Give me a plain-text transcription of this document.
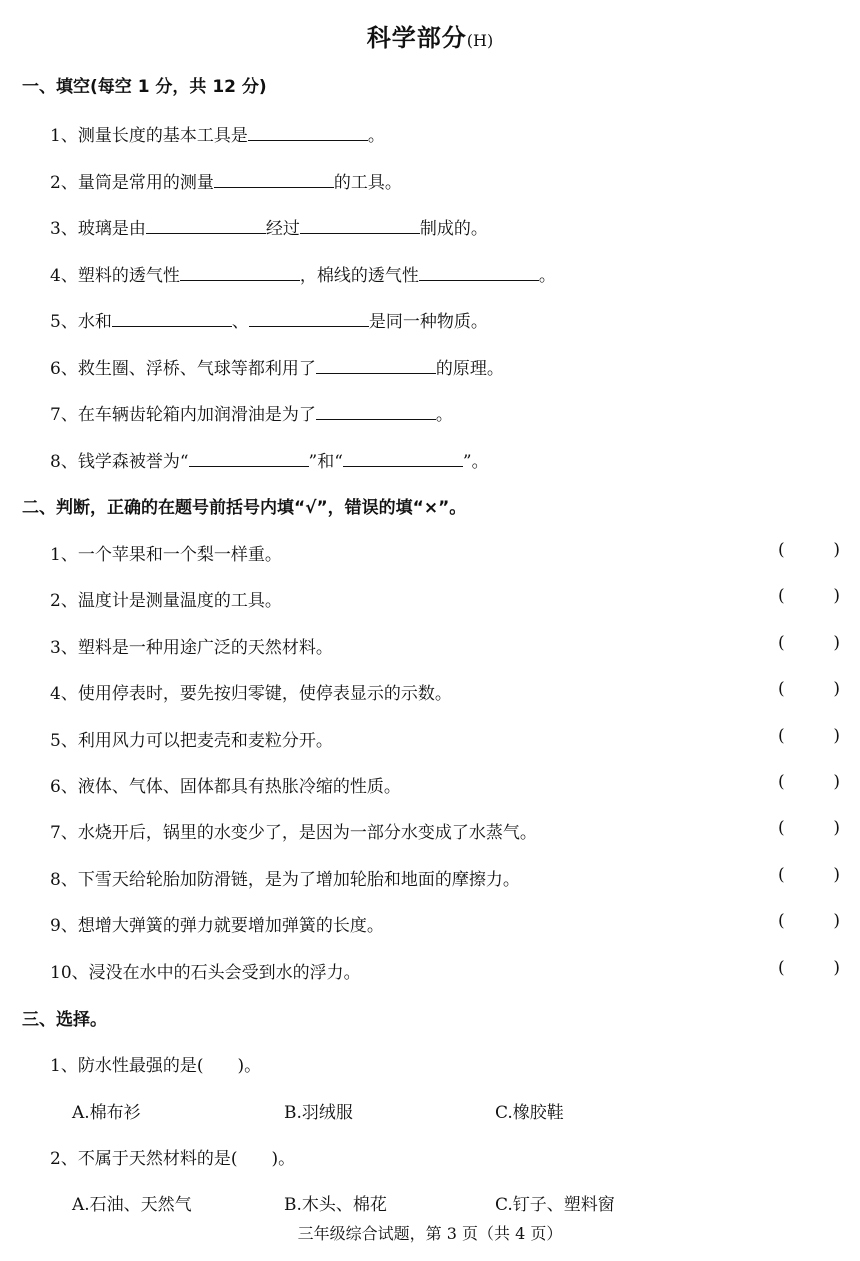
科学部分(H)
一、填空(每空 1 分，共 12 分)
1、测量长度的基本工具是	。
2、量筒是常用的测量	的工具。
3、玻璃是由	经过	制成的。
4、塑料的透气性	，棉线的透气性	。
5、水和	、	是同一种物质。
6、救生圈、浮桥、气球等都利用了	的原理。
7、在车辆齿轮箱内加润滑油是为了	。
8、钱学森被誉为“	”和“	”。
二、判断，正确的在题号前括号内填“√”，错误的填“×”。
1、一个苹果和一个梨一样重。	(	)
2、温度计是测量温度的工具。	(	)
3、塑料是一种用途广泛的天然材料。	(	)
4、使用停表时，要先按归零键，使停表显示的示数。	(	)
5、利用风力可以把麦壳和麦粒分开。	(	)
6、液体、气体、固体都具有热胀冷缩的性质。	(	)
7、水烧开后，锅里的水变少了，是因为一部分水变成了水蒸气。	(	)
8、下雪天给轮胎加防滑链，是为了增加轮胎和地面的摩擦力。	(	)
9、想增大弹簧的弹力就要增加弹簧的长度。	(	)
10、浸没在水中的石头会受到水的浮力。	(	)
三、选择。
1、防水性最强的是(　　)。
A.棉布衫	B.羽绒服	C.橡胶鞋
2、不属于天然材料的是(　　)。
A.石油、天然气	B.木头、棉花	C.钉子、塑料窗
三年级综合试题，第 3 页（共 4 页）
